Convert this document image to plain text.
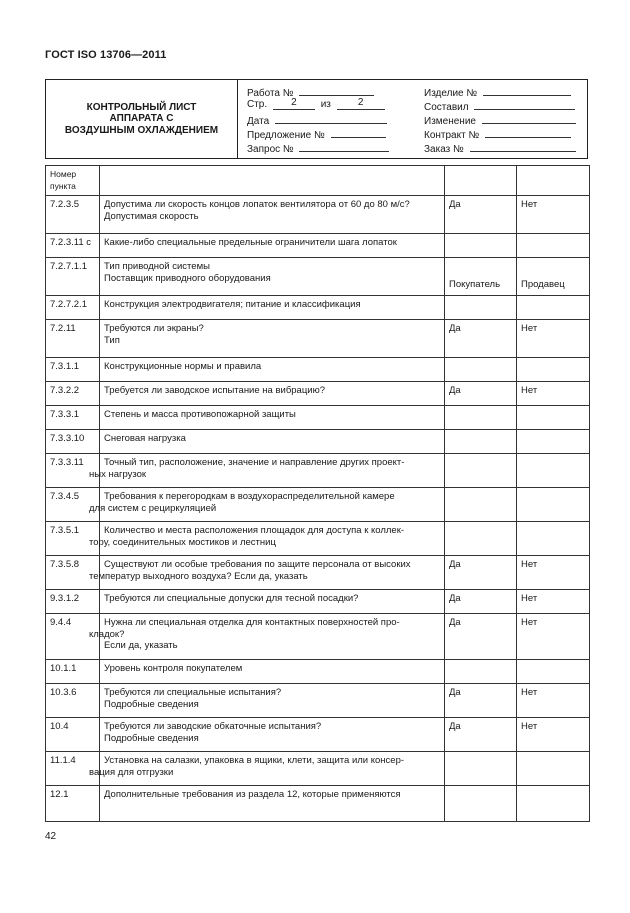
ГОСТ ISO 13706—2011
КОНТРОЛЬНЫЙ ЛИСТ
АППАРАТА С
ВОЗДУШНЫМ ОХЛАЖДЕНИЕМ
Работа №
Стр. 2 из	2
Дата
Предложение №
Запрос №
Изделие №
Составил
Изменение
Контракт №
Заказ №
Номер
пункта			

7.2.3.5	Допустима ли скорость концов лопаток вентилятора от 60 до 80 м/с?
Допустимая скорость	Да	Нет
7.2.3.11 с	Какие-либо специальные предельные ограничители шага лопаток		

7.2.7.1.1	Тип приводной системы
Поставщик приводного оборудования	Покупатель	Продавец
7.2.7.2.1	Конструкция электродвигателя; питание и классификация		

7.2.11	Требуются ли экраны?
Тип	Да	Нет
7.3.1.1	Конструкционные нормы и правила		

7.3.2.2	Требуется ли заводское испытание на вибрацию?	Да	Нет
7.3.3.1	Степень и масса противопожарной защиты		

7.3.3.10	Снеговая нагрузка		

7.3.3.11	Точный тип, расположение, значение и направление других проект-
ных нагрузок		

7.3.4.5	Требования к перегородкам в воздухораспределительной камере
для систем с рециркуляцией		

7.3.5.1	Количество и места расположения площадок для доступа к коллек-
тору, соединительных мостиков и лестниц		

7.3.5.8	Существуют ли особые требования по защите персонала от высоких
температур выходного воздуха? Если да, указать	Да	Нет
9.3.1.2	Требуются ли специальные допуски для тесной посадки?	Да	Нет
9.4.4	Нужна ли специальная отделка для контактных поверхностей про-
кладок?
Если да, указать	Да	Нет
10.1.1	Уровень контроля покупателем		

10.3.6	Требуются ли специальные испытания?
Подробные сведения	Да	Нет
10.4	Требуются ли заводские обкаточные испытания?
Подробные сведения	Да	Нет
11.1.4	Установка на салазки, упаковка в ящики, клети, защита или консер-
вация для отгрузки		

12.1	Дополнительные требования из раздела 12, которые применяются		

42
